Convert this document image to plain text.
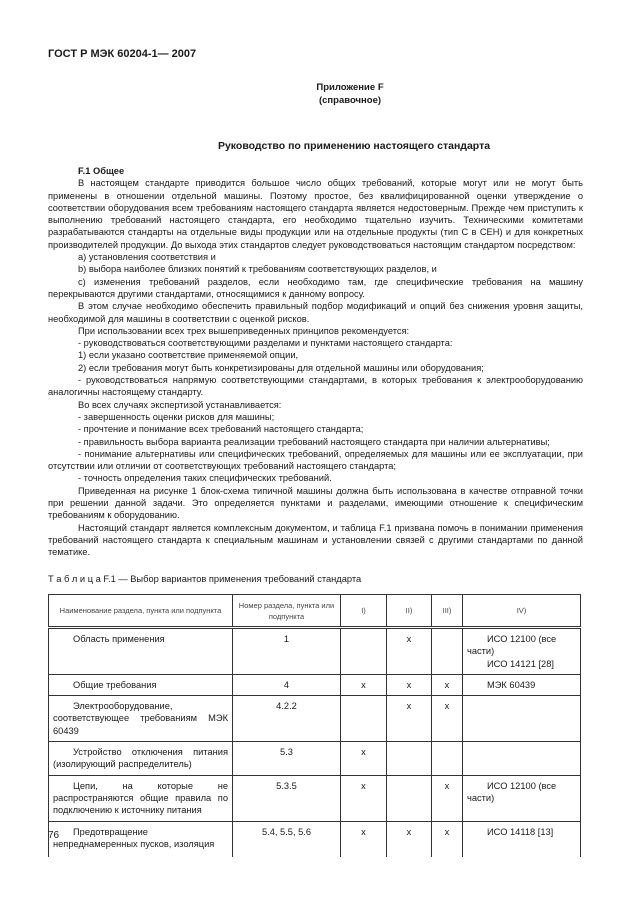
ГОСТ Р МЭК 60204-1— 2007
Приложение F
(справочное)
Руководство по применению настоящего стандарта
F.1 Общее

В настоящем стандарте приводится большое число общих требований, которые могут или не могут быть применены в отношении отдельной машины. Поэтому простое, без квалифицированной оценки утверждение о соответствии оборудования всем требованиям настоящего стандарта является недостоверным. Прежде чем приступить к выполнению требований настоящего стандарта, его необходимо тщательно изучить. Техническими комитетами разрабатываются стандарты на отдельные виды продукции или на отдельные продукты (тип С в СЕН) и для конкретных производителей продукции. До выхода этих стандартов следует руководствоваться настоящим стандартом посредством:

a) установления соответствия и

b) выбора наиболее близких понятий к требованиям соответствующих разделов, и

c) изменения требований разделов, если необходимо там, где специфические требования на машину перекрываются другими стандартами, относящимися к данному вопросу.

В этом случае необходимо обеспечить правильный подбор модификаций и опций без снижения уровня защиты, необходимой для машины в соответствии с оценкой рисков.

При использовании всех трех вышеприведенных принципов рекомендуется:

- руководствоваться соответствующими разделами и пунктами настоящего стандарта:

1) если указано соответствие применяемой опции,

2) если требования могут быть конкретизированы для отдельной машины или оборудования;

- руководствоваться напрямую соответствующими стандартами, в которых требования к электрооборудованию аналогичны настоящему стандарту.

Во всех случаях экспертизой устанавливается:

- завершенность оценки рисков для машины;

- прочтение и понимание всех требований настоящего стандарта;

- правильность выбора варианта реализации требований настоящего стандарта при наличии альтернативы;

- понимание альтернативы или специфических требований, определяемых для машины или ее эксплуатации, при отсутствии или отличии от соответствующих требований настоящего стандарта;

- точность определения таких специфических требований.

Приведенная на рисунке 1 блок-схема типичной машины должна быть использована в качестве отправной точки при решении данной задачи. Это определяется пунктами и разделами, имеющими отношение к специфическим требованиям к оборудованию.

Настоящий стандарт является комплексным документом, и таблица F.1 призвана помочь в понимании применения требований настоящего стандарта к специальным машинам и установлении связей с другими стандартами по данной тематике.

Т а б л и ц а F.1 — Выбор вариантов применения требований стандарта
Наименование раздела, пункта или подпункта	Номер раздела, пункта или подпункта	I)	II)	III)	IV)

Область применения	1		x		ИСО 12100 (все части)
ИСО 14121 [28]

Общие требования	4	x	x	x	МЭК 60439

Электрооборудование, соответствующее требованиям МЭК 60439	4.2.2		x	x	

Устройство отключения питания (изолирующий распределитель)	5.3	x			

Цепи, на которые не распространяются общие правила по подключению к источнику питания	5.3.5	x		x	ИСО 12100 (все части)

Предотвращение непреднамеренных пусков, изоляция	5.4, 5.5, 5.6	x	x	x	ИСО 14118 [13]
76
